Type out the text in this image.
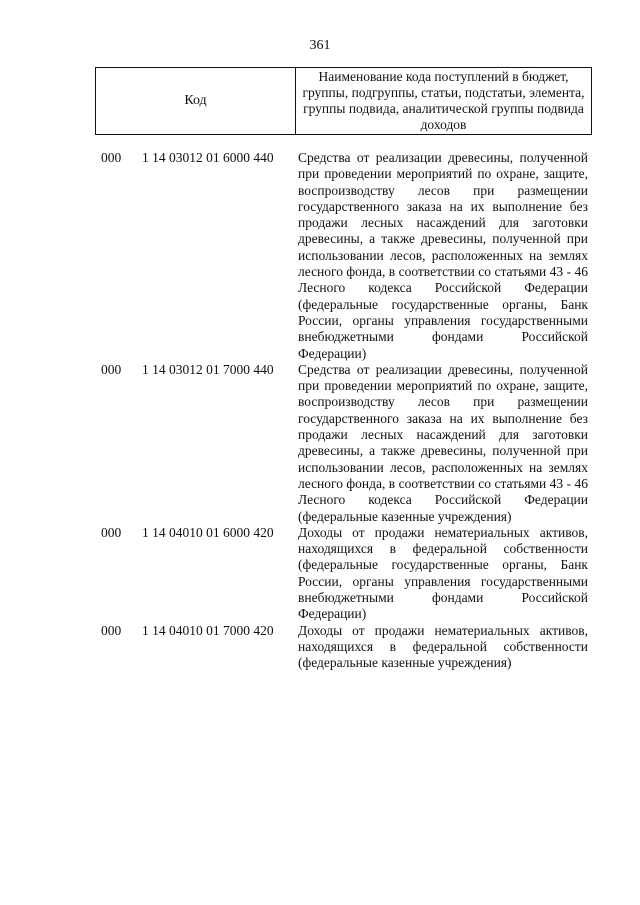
361
Код
Наименование кода поступлений в бюджет, группы, подгруппы, статьи, подстатьи, элемента, группы подвида, аналитической группы подвида доходов
000 1 14 03012 01 6000 440 Средства от реализации древесины, полученной при проведении мероприятий по охране, защите, воспроизводству лесов при размещении государственного заказа на их выполнение без продажи лесных насаждений для заготовки древесины, а также древесины, полученной при использовании лесов, расположенных на землях лесного фонда, в соответствии со статьями 43 - 46 Лесного кодекса Российской Федерации (федеральные государственные органы, Банк России, органы управления государственными внебюджетными фондами Российской Федерации)
000 1 14 03012 01 7000 440 Средства от реализации древесины, полученной при проведении мероприятий по охране, защите, воспроизводству лесов при размещении государственного заказа на их выполнение без продажи лесных насаждений для заготовки древесины, а также древесины, полученной при использовании лесов, расположенных на землях лесного фонда, в соответствии со статьями 43 - 46 Лесного кодекса Российской Федерации (федеральные казенные учреждения)
000 1 14 04010 01 6000 420 Доходы от продажи нематериальных активов, находящихся в федеральной собственности (федеральные государственные органы, Банк России, органы управления государственными внебюджетными фондами Российской Федерации)
000 1 14 04010 01 7000 420 Доходы от продажи нематериальных активов, находящихся в федеральной собственности (федеральные казенные учреждения)
